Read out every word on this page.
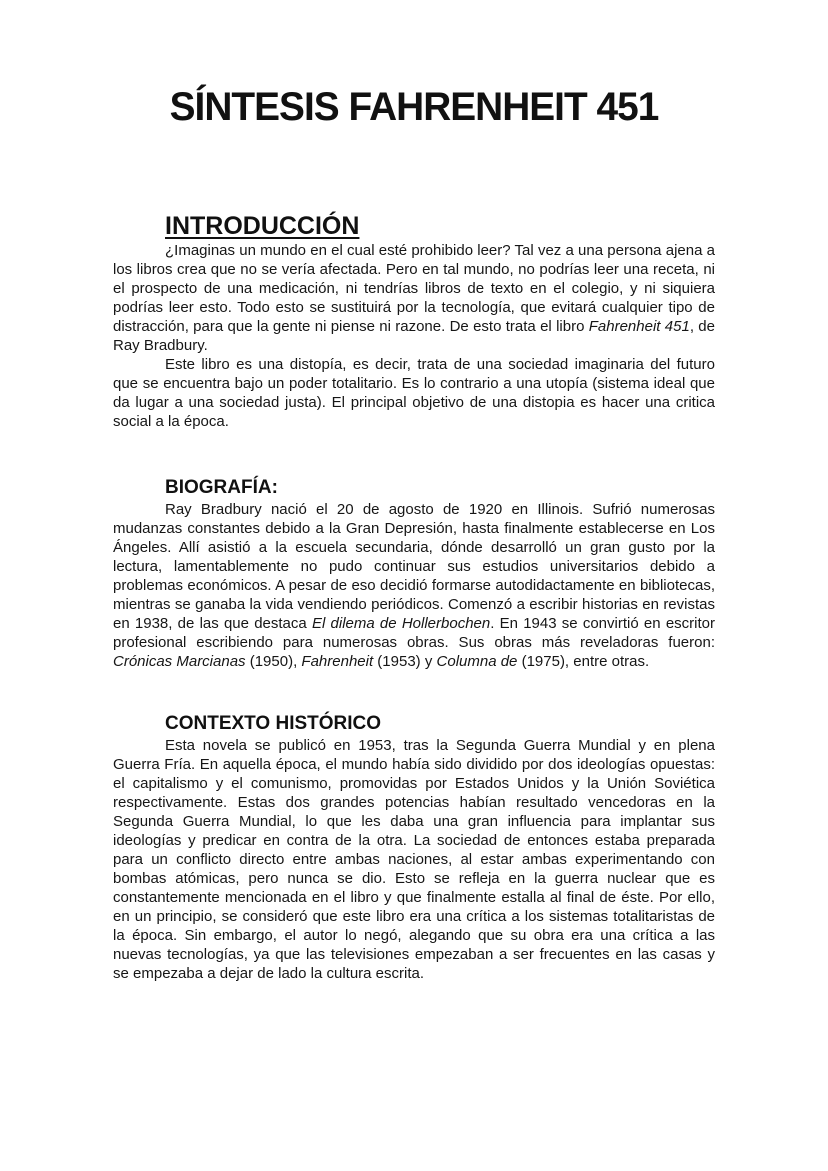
SÍNTESIS FAHRENHEIT 451
INTRODUCCIÓN

¿Imaginas un mundo en el cual esté prohibido leer? Tal vez a una persona ajena a los libros crea que no se vería afectada. Pero en tal mundo, no podrías leer una receta, ni el prospecto de una medicación, ni tendrías libros de texto en el colegio, y ni siquiera podrías leer esto. Todo esto se sustituirá por la tecnología, que evitará cualquier tipo de distracción, para que la gente ni piense ni razone. De esto trata el libro Fahrenheit 451, de Ray Bradbury.

Este libro es una distopía, es decir, trata de una sociedad imaginaria del futuro que se encuentra bajo un poder totalitario. Es lo contrario a una utopía (sistema ideal que da lugar a una sociedad justa). El principal objetivo de una distopia es hacer una critica social a la época.

BIOGRAFÍA:

Ray Bradbury nació el 20 de agosto de 1920 en Illinois. Sufrió numerosas mudanzas constantes debido a la Gran Depresión, hasta finalmente establecerse en Los Ángeles. Allí asistió a la escuela secundaria, dónde desarrolló un gran gusto por la lectura, lamentablemente no pudo continuar sus estudios universitarios debido a problemas económicos. A pesar de eso decidió formarse autodidactamente en bibliotecas, mientras se ganaba la vida vendiendo periódicos. Comenzó a escribir historias en revistas en 1938, de las que destaca El dilema de Hollerbochen. En 1943 se convirtió en escritor profesional escribiendo para numerosas obras. Sus obras más reveladoras fueron: Crónicas Marcianas (1950), Fahrenheit (1953) y Columna de (1975), entre otras.

CONTEXTO HISTÓRICO

Esta novela se publicó en 1953, tras la Segunda Guerra Mundial y en plena Guerra Fría. En aquella época, el mundo había sido dividido por dos ideologías opuestas: el capitalismo y el comunismo, promovidas por Estados Unidos y la Unión Soviética respectivamente. Estas dos grandes potencias habían resultado vencedoras en la Segunda Guerra Mundial, lo que les daba una gran influencia para implantar sus ideologías y predicar en contra de la otra. La sociedad de entonces estaba preparada para un conflicto directo entre ambas naciones, al estar ambas experimentando con bombas atómicas, pero nunca se dio. Esto se refleja en la guerra nuclear que es constantemente mencionada en el libro y que finalmente estalla al final de éste. Por ello, en un principio, se consideró que este libro era una crítica a los sistemas totalitaristas de la época. Sin embargo, el autor lo negó, alegando que su obra era una crítica a las nuevas tecnologías, ya que las televisiones empezaban a ser frecuentes en las casas y se empezaba a dejar de lado la cultura escrita.
